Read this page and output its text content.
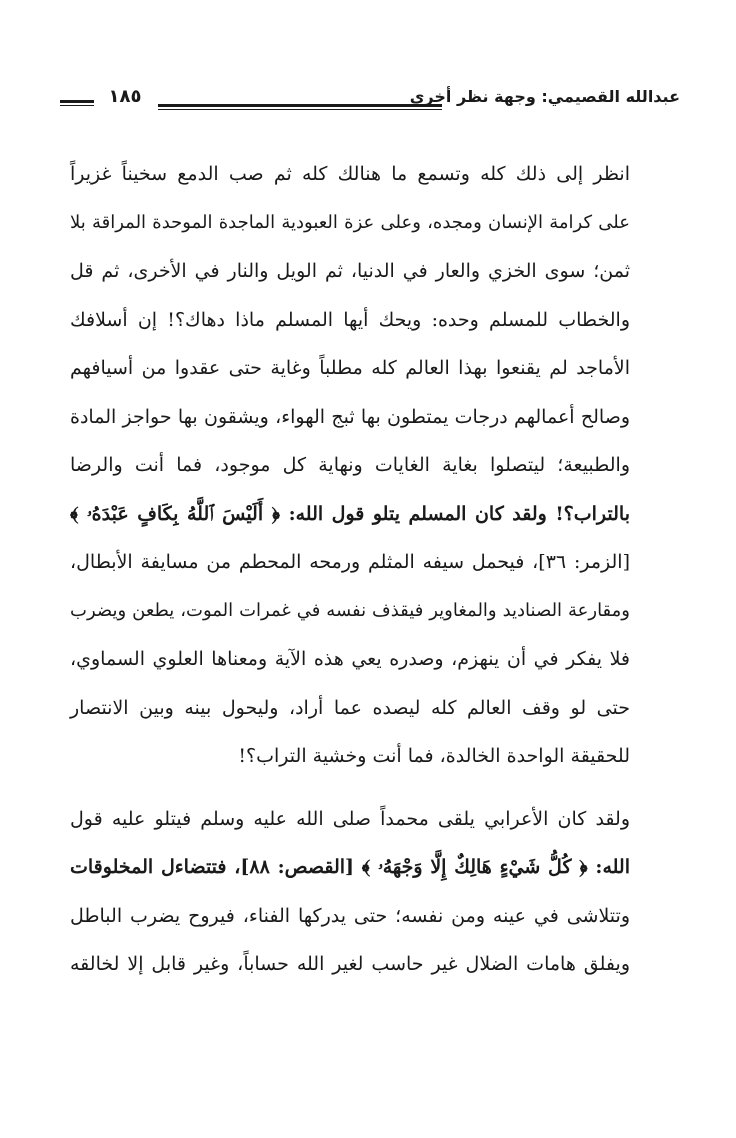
عبدالله القصيمي: وجهة نظر أخرى
١٨٥

انظر إلى ذلك كله وتسمع ما هنالك كله ثم صب الدمع سخيناً غزيراً
على كرامة الإنسان ومجده، وعلى عزة العبودية الماجدة الموحدة المراقة بلا
ثمن؛ سوى الخزي والعار في الدنيا، ثم الويل والنار في الأخرى، ثم قل
والخطاب للمسلم وحده: ويحك أيها المسلم ماذا دهاك؟! إن أسلافك
الأماجد لم يقنعوا بهذا العالم كله مطلباً وغاية حتى عقدوا من أسيافهم
وصالح أعمالهم درجات يمتطون بها ثبج الهواء، ويشقون بها حواجز المادة
والطبيعة؛ ليتصلوا بغاية الغايات ونهاية كل موجود، فما أنت والرضا
بالتراب؟! ولقد كان المسلم يتلو قول الله: ﴿ أَلَيْسَ ٱللَّهُ بِكَافٍ عَبْدَهُۥ ﴾
[الزمر: ٣٦]، فيحمل سيفه المثلم ورمحه المحطم من مسايفة الأبطال،
ومقارعة الصناديد والمغاوير فيقذف نفسه في غمرات الموت، يطعن ويضرب
فلا يفكر في أن ينهزم، وصدره يعي هذه الآية ومعناها العلوي السماوي،
حتى لو وقف العالم كله ليصده عما أراد، وليحول بينه وبين الانتصار
للحقيقة الواحدة الخالدة، فما أنت وخشية التراب؟!

ولقد كان الأعرابي يلقى محمداً صلى الله عليه وسلم فيتلو عليه قول
الله: ﴿ كُلُّ شَيْءٍ هَالِكٌ إِلَّا وَجْهَهُۥ ﴾ [القصص: ٨٨]، فتتضاءل المخلوقات
وتتلاشى في عينه ومن نفسه؛ حتى يدركها الفناء، فيروح يضرب الباطل
ويفلق هامات الضلال غير حاسب لغير الله حساباً، وغير قابل إلا لخالقه
